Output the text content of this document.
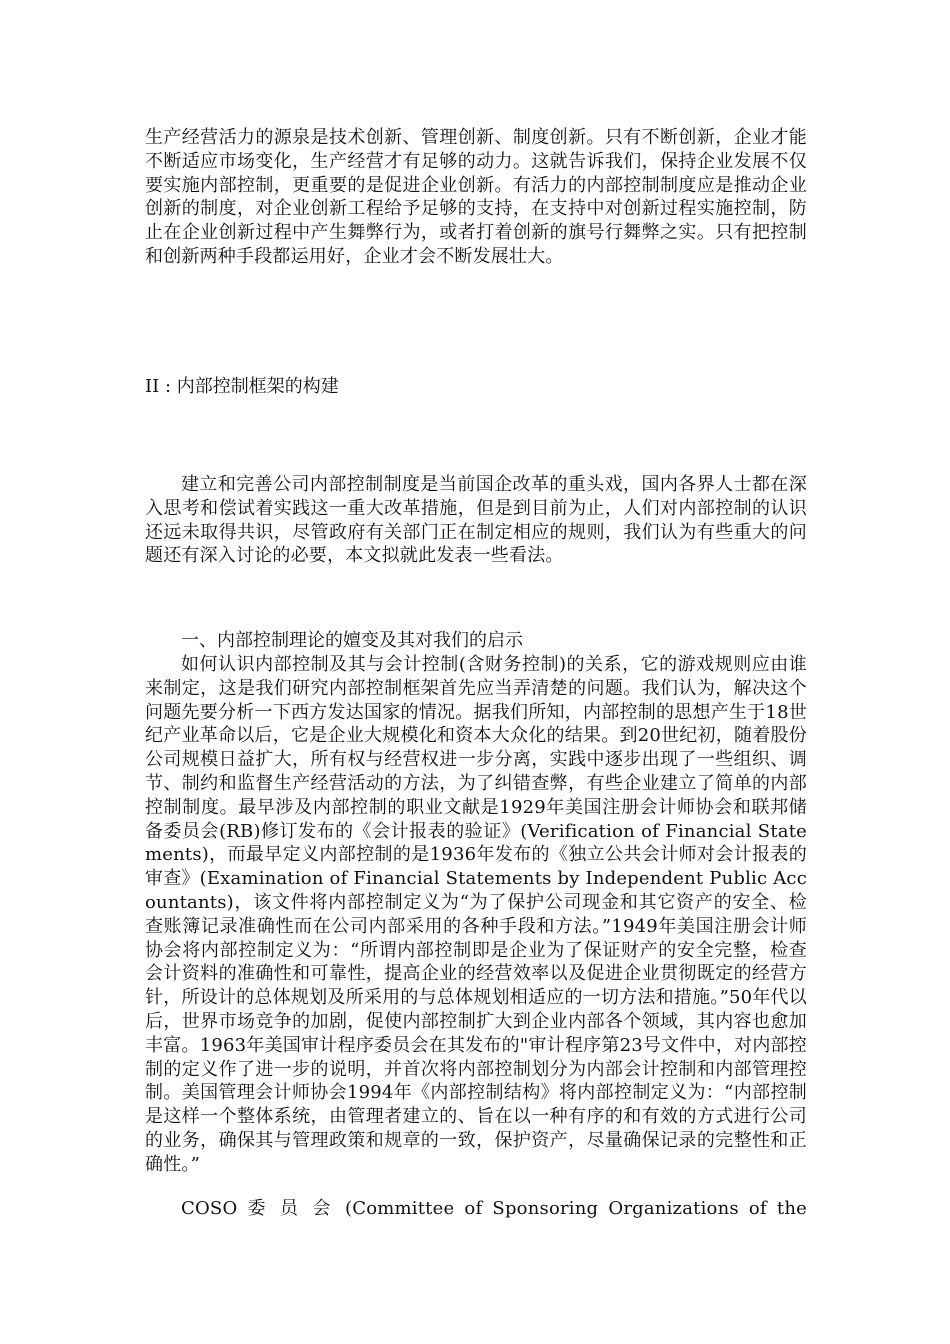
生产经营活力的源泉是技术创新、管理创新、制度创新。只有不断创新，企业才能不断适应市场变化，生产经营才有足够的动力。这就告诉我们，保持企业发展不仅要实施内部控制，更重要的是促进企业创新。有活力的内部控制制度应是推动企业创新的制度，对企业创新工程给予足够的支持，在支持中对创新过程实施控制，防止在企业创新过程中产生舞弊行为，或者打着创新的旗号行舞弊之实。只有把控制和创新两种手段都运用好，企业才会不断发展壮大。
II : 内部控制框架的构建
建立和完善公司内部控制制度是当前国企改革的重头戏，国内各界人士都在深入思考和偿试着实践这一重大改革措施，但是到目前为止，人们对内部控制的认识还远未取得共识，尽管政府有关部门正在制定相应的规则，我们认为有些重大的问题还有深入讨论的必要，本文拟就此发表一些看法。
一、内部控制理论的嬗变及其对我们的启示
如何认识内部控制及其与会计控制(含财务控制)的关系，它的游戏规则应由谁来制定，这是我们研究内部控制框架首先应当弄清楚的问题。我们认为，解决这个问题先要分析一下西方发达国家的情况。据我们所知，内部控制的思想产生于18世纪产业革命以后，它是企业大规模化和资本大众化的结果。到20世纪初，随着股份公司规模日益扩大，所有权与经营权进一步分离，实践中逐步出现了一些组织、调节、制约和监督生产经营活动的方法，为了纠错查弊，有些企业建立了简单的内部控制制度。最早涉及内部控制的职业文献是1929年美国注册会计师协会和联邦储备委员会(RB)修订发布的《会计报表的验证》(Verification of Financial Statements)，而最早定义内部控制的是1936年发布的《独立公共会计师对会计报表的审查》(Examination of Financial Statements by Independent Public Accountants)，该文件将内部控制定义为“为了保护公司现金和其它资产的安全、检查账簿记录准确性而在公司内部采用的各种手段和方法。”1949年美国注册会计师协会将内部控制定义为：“所谓内部控制即是企业为了保证财产的安全完整，检查会计资料的准确性和可靠性，提高企业的经营效率以及促进企业贯彻既定的经营方针，所设计的总体规划及所采用的与总体规划相适应的一切方法和措施。”50年代以后，世界市场竞争的加剧，促使内部控制扩大到企业内部各个领域，其内容也愈加丰富。1963年美国审计程序委员会在其发布的"审计程序第23号文件中，对内部控制的定义作了进一步的说明，并首次将内部控制划分为内部会计控制和内部管理控制。美国管理会计师协会1994年《内部控制结构》将内部控制定义为：“内部控制是这样一个整体系统，由管理者建立的、旨在以一种有序的和有效的方式进行公司的业务，确保其与管理政策和规章的一致，保护资产，尽量确保记录的完整性和正确性。”
COSO 委 员 会 (Committee of Sponsoring Organizations of the
